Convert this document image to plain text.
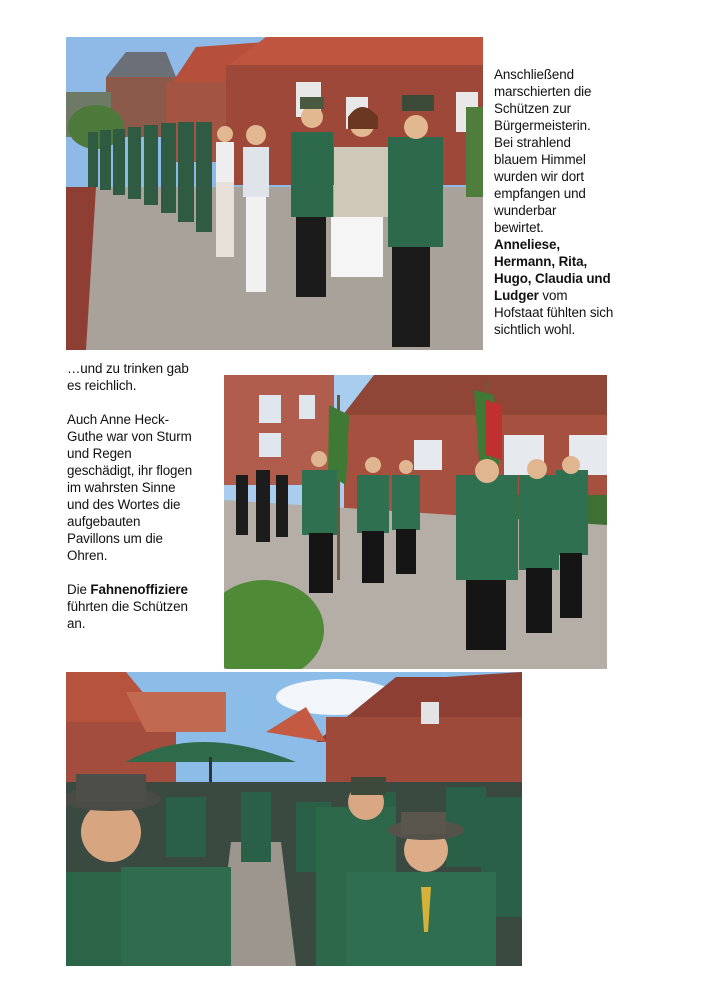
Anschließend
marschierten die
Schützen zur
Bürgermeisterin.
Bei strahlend
blauem Himmel
wurden wir dort
empfangen und
wunderbar
bewirtet.
Anneliese,
Hermann, Rita,
Hugo, Claudia und
Ludger vom
Hofstaat fühlten sich
sichtlich wohl.

…und zu trinken gab
es reichlich.

Auch Anne Heck-
Guthe war von Sturm
und Regen
geschädigt, ihr flogen
im wahrsten Sinne
und des Wortes die
aufgebauten
Pavillons um die
Ohren.

Die Fahnenoffiziere
führten die Schützen
an.
